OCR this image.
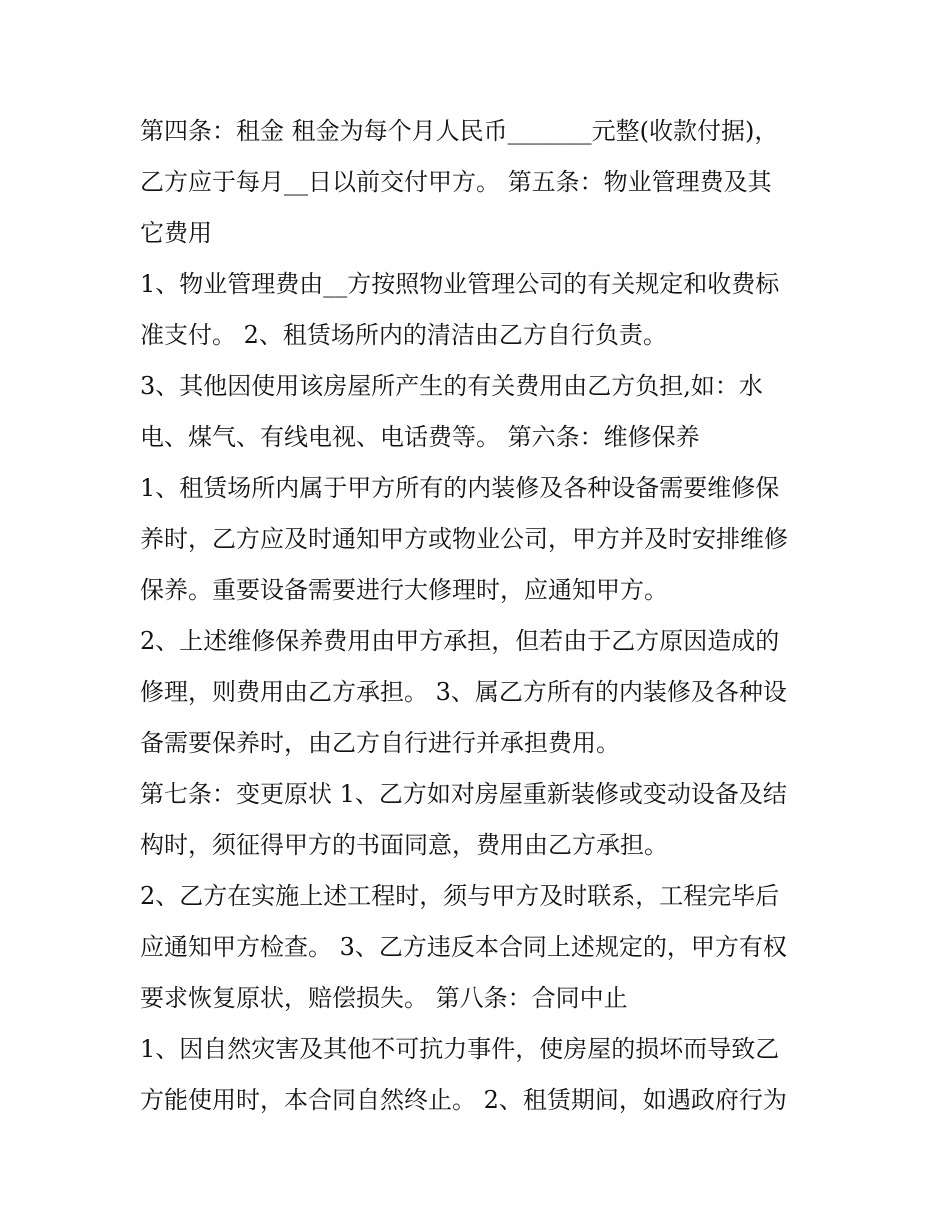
第四条：租金 租金为每个月人民币_______元整(收款付据)，
乙方应于每月__日以前交付甲方。 第五条：物业管理费及其
它费用
1、物业管理费由__方按照物业管理公司的有关规定和收费标
准支付。 2、租赁场所内的清洁由乙方自行负责。
3、其他因使用该房屋所产生的有关费用由乙方负担,如：水
电、煤气、有线电视、电话费等。 第六条：维修保养
1、租赁场所内属于甲方所有的内装修及各种设备需要维修保
养时，乙方应及时通知甲方或物业公司，甲方并及时安排维修
保养。重要设备需要进行大修理时，应通知甲方。
2、上述维修保养费用由甲方承担，但若由于乙方原因造成的
修理，则费用由乙方承担。 3、属乙方所有的内装修及各种设
备需要保养时，由乙方自行进行并承担费用。
第七条：变更原状 1、乙方如对房屋重新装修或变动设备及结
构时，须征得甲方的书面同意，费用由乙方承担。
2、乙方在实施上述工程时，须与甲方及时联系，工程完毕后
应通知甲方检查。 3、乙方违反本合同上述规定的，甲方有权
要求恢复原状，赔偿损失。 第八条：合同中止
1、因自然灾害及其他不可抗力事件，使房屋的损坏而导致乙
方能使用时，本合同自然终止。 2、租赁期间，如遇政府行为
